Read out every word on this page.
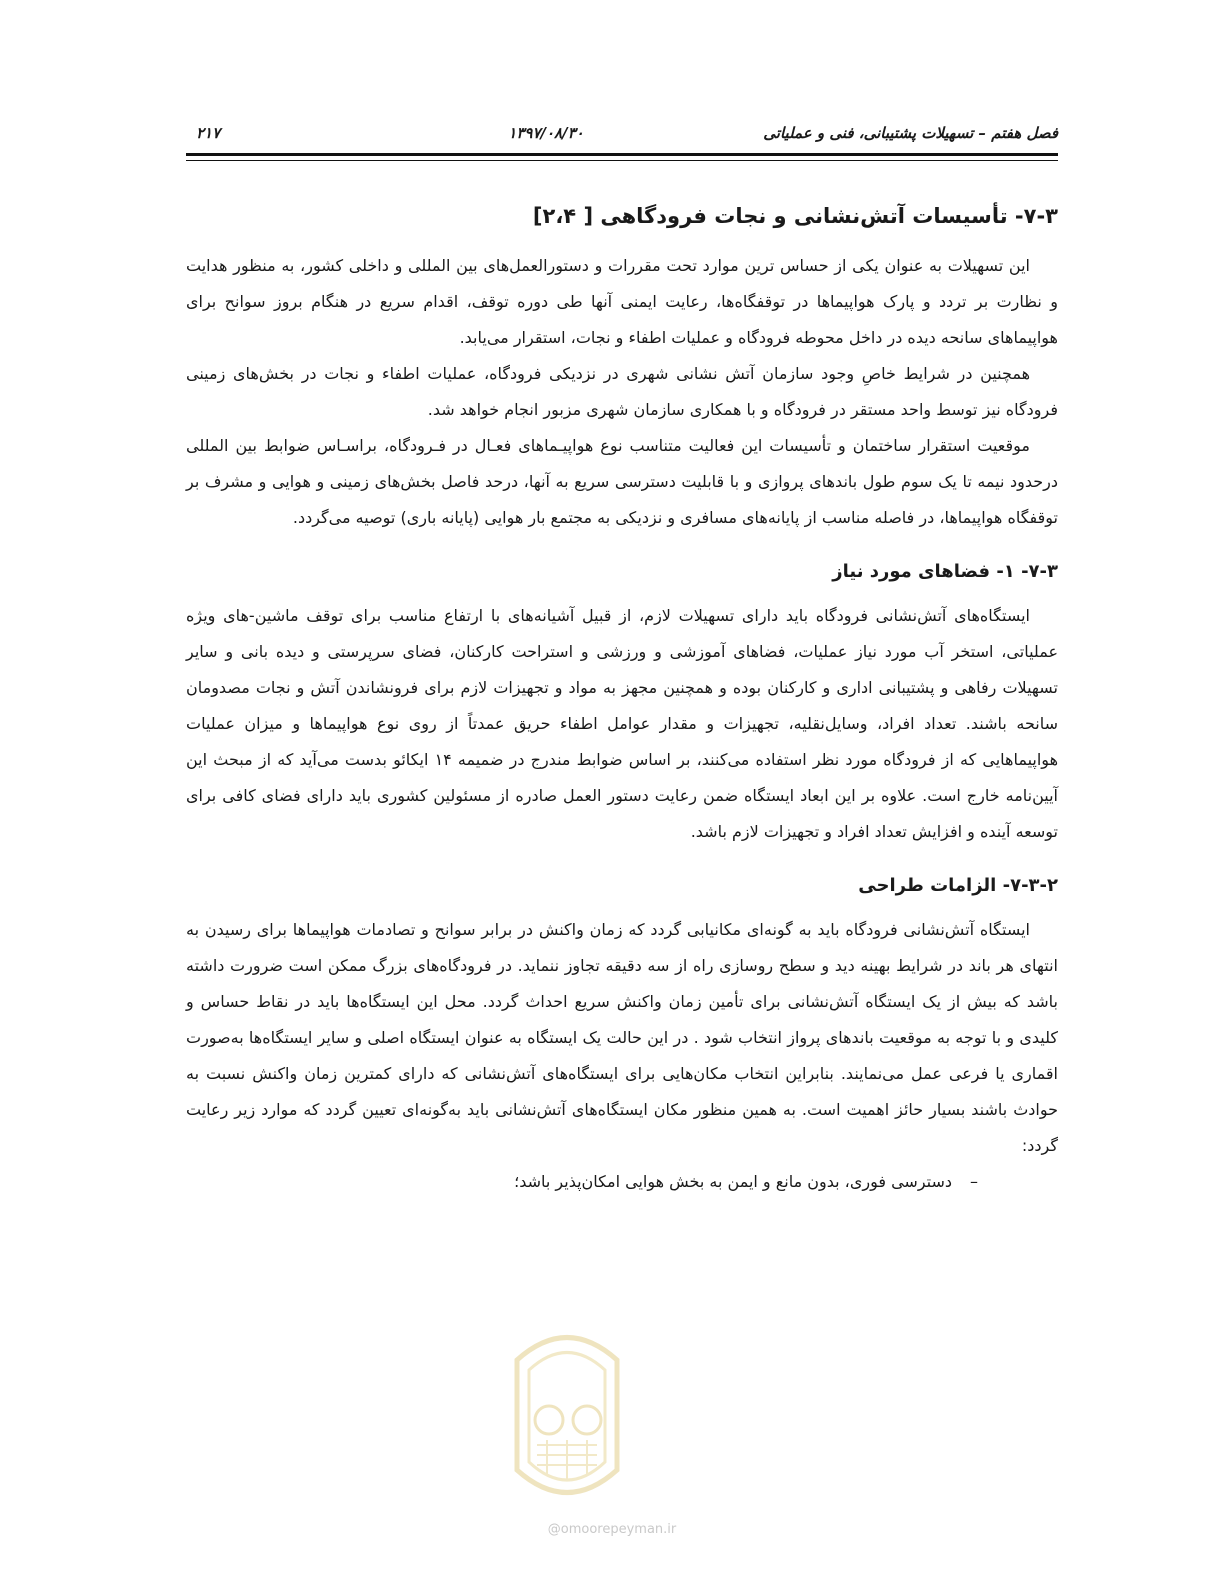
فصل هفتم – تسهیلات پشتیبانی، فنی و عملیاتی
۱۳۹۷/۰۸/۳۰
۲۱۷
۷-۳- تأسیسات آتش‌نشانی و نجات فرودگاهی [ ۲،۴]

این تسهیلات به عنوان یکی از حساس ترین موارد تحت مقررات و دستورالعمل‌های بین المللی و داخلی کشور، به منظور هدایت و نظارت بر تردد و پارک هواپیماها در توقفگاه‌ها، رعایت ایمنی آنها طی دوره توقف، اقدام سریع در هنگام بروز سوانح برای هواپیماهای سانحه دیده در داخل محوطه فرودگاه و عملیات اطفاء و نجات، استقرار می‌یابد.

همچنین در شرایط خاصِ وجود سازمان آتش نشانی شهری در نزدیکی فرودگاه، عملیات اطفاء و نجات در بخش‌های زمینی فرودگاه نیز توسط واحد مستقر در فرودگاه و با همکاری سازمان شهری مزبور انجام خواهد شد.

موقعیت استقرار ساختمان و تأسیسات این فعالیت متناسب نوع هواپیـماهای فعـال در فـرودگاه، براسـاس ضوابط بین المللی درحدود نیمه تا یک سوم طول باندهای پروازی و با قابلیت دسترسی سریع به آنها، درحد فاصل بخش‌های زمینی و هوایی و مشرف بر توقفگاه هواپیماها، در فاصله مناسب از پایانه‌های مسافری و نزدیکی به مجتمع بار هوایی (پایانه باری) توصیه می‌گردد.

۷-۳- ۱- فضاهای مورد نیاز

ایستگاه‌های آتش‌نشانی فرودگاه باید دارای تسهیلات لازم، از قبیل آشیانه‌های با ارتفاع مناسب برای توقف ماشین‌-های ویژه عملیاتی، استخر آب مورد نیاز عملیات، فضاهای آموزشی و ورزشی و استراحت کارکنان، فضای سرپرستی و دیده بانی و سایر تسهیلات رفاهی و پشتیبانی اداری و کارکنان بوده و همچنین مجهز به مواد و تجهیزات لازم برای فرونشاندن آتش و نجات مصدومان سانحه باشند. تعداد افراد، وسایل‌نقلیه، تجهیزات و مقدار عوامل اطفاء حریق عمدتاً از روی نوع هواپیماها و میزان عملیات هواپیماهایی که از فرودگاه مورد نظر استفاده می‌کنند، بر اساس ضوابط مندرج در ضمیمه ۱۴ ایکائو بدست می‌آید که از مبحث این آیین‌نامه خارج است. علاوه بر این ابعاد ایستگاه ضمن رعایت دستور العمل صادره از مسئولین کشوری باید دارای فضای کافی برای توسعه آینده و افزایش تعداد افراد و تجهیزات لازم باشد.

۷-۳-۲- الزامات طراحی

ایستگاه آتش‌نشانی فرودگاه باید به گونه‌ای مکانیابی گردد که زمان واکنش در برابر سوانح و تصادمات هواپیماها برای رسیدن به انتهای هر باند در شرایط بهینه دید و سطح روسازی راه از سه دقیقه تجاوز ننماید. در فرودگاه‌های بزرگ ممکن است ضرورت داشته باشد که بیش از یک ایستگاه آتش‌نشانی برای تأمین زمان واکنش سریع احداث گردد. محل این ایستگاه‌ها باید در نقاط حساس و کلیدی و با توجه به موقعیت باندهای پرواز انتخاب شود . در این حالت یک ایستگاه به عنوان ایستگاه اصلی و سایر ایستگاه‌ها به‌صورت اقماری یا فرعی عمل می‌نمایند. بنابراین انتخاب مکان‌هایی برای ایستگاه‌های آتش‌نشانی که دارای کمترین زمان واکنش نسبت به حوادث باشند بسیار حائز اهمیت است. به همین منظور مکان ایستگاه‌های آتش‌نشانی باید به‌گونه‌ای تعیین گردد که موارد زیر رعایت گردد:

–دسترسی فوری، بدون مانع و ایمن به بخش هوایی امکان‌پذیر باشد؛

@omoorepeyman.ir
